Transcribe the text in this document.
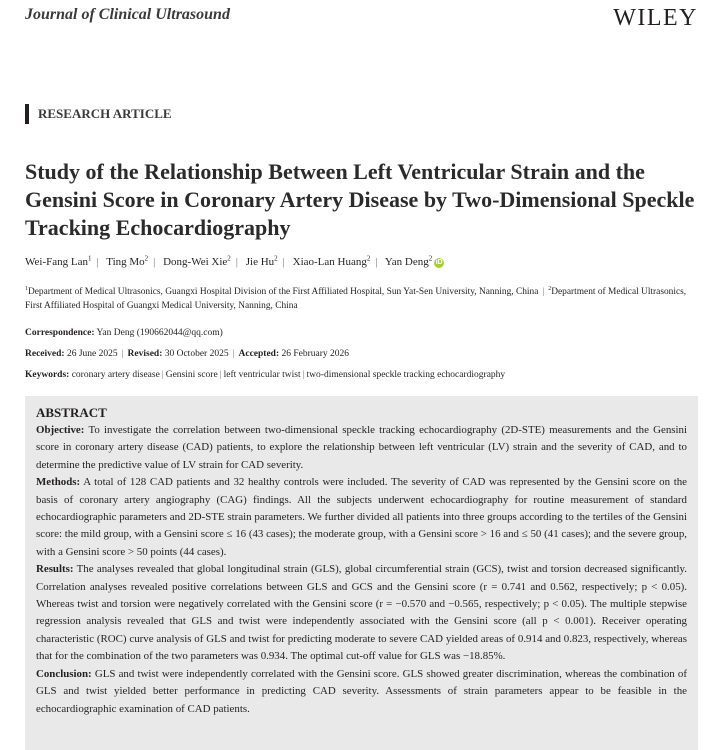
Journal of Clinical Ultrasound	WILEY
RESEARCH ARTICLE
Study of the Relationship Between Left Ventricular Strain and the Gensini Score in Coronary Artery Disease by Two-Dimensional Speckle Tracking Echocardiography
Wei-Fang Lan$^1$ | Ting Mo$^2$ | Dong-Wei Xie$^2$ | Jie Hu$^2$ | Xiao-Lan Huang$^2$ | Yan Deng$^2$iD
$^1$Department of Medical Ultrasonics, Guangxi Hospital Division of the First Affiliated Hospital, Sun Yat-Sen University, Nanning, China | $^2$Department of Medical Ultrasonics, First Affiliated Hospital of Guangxi Medical University, Nanning, China
Correspondence: Yan Deng (190662044@qq.com)
Received: 26 June 2025 | Revised: 30 October 2025 | Accepted: 26 February 2026
Keywords: coronary artery disease | Gensini score | left ventricular twist | two-dimensional speckle tracking echocardiography
ABSTRACT

Objective: To investigate the correlation between two-dimensional speckle tracking echocardiography (2D-STE) measurements and the Gensini score in coronary artery disease (CAD) patients, to explore the relationship between left ventricular (LV) strain and the severity of CAD, and to determine the predictive value of LV strain for CAD severity.

Methods: A total of 128 CAD patients and 32 healthy controls were included. The severity of CAD was represented by the Gensini score on the basis of coronary artery angiography (CAG) findings. All the subjects underwent echocardiography for routine measurement of standard echocardiographic parameters and 2D-STE strain parameters. We further divided all patients into three groups according to the tertiles of the Gensini score: the mild group, with a Gensini score ≤ 16 (43 cases); the moderate group, with a Gensini score > 16 and ≤ 50 (41 cases); and the severe group, with a Gensini score > 50 points (44 cases).

Results: The analyses revealed that global longitudinal strain (GLS), global circumferential strain (GCS), twist and torsion decreased significantly. Correlation analyses revealed positive correlations between GLS and GCS and the Gensini score (r = 0.741 and 0.562, respectively; p < 0.05). Whereas twist and torsion were negatively correlated with the Gensini score (r = −0.570 and −0.565, respectively; p < 0.05). The multiple stepwise regression analysis revealed that GLS and twist were independently associated with the Gensini score (all p < 0.001). Receiver operating characteristic (ROC) curve analysis of GLS and twist for predicting moderate to severe CAD yielded areas of 0.914 and 0.823, respectively, whereas that for the combination of the two parameters was 0.934. The optimal cut-off value for GLS was −18.85%.

Conclusion: GLS and twist were independently correlated with the Gensini score. GLS showed greater discrimination, whereas the combination of GLS and twist yielded better performance in predicting CAD severity. Assessments of strain parameters appear to be feasible in the echocardiographic examination of CAD patients.
